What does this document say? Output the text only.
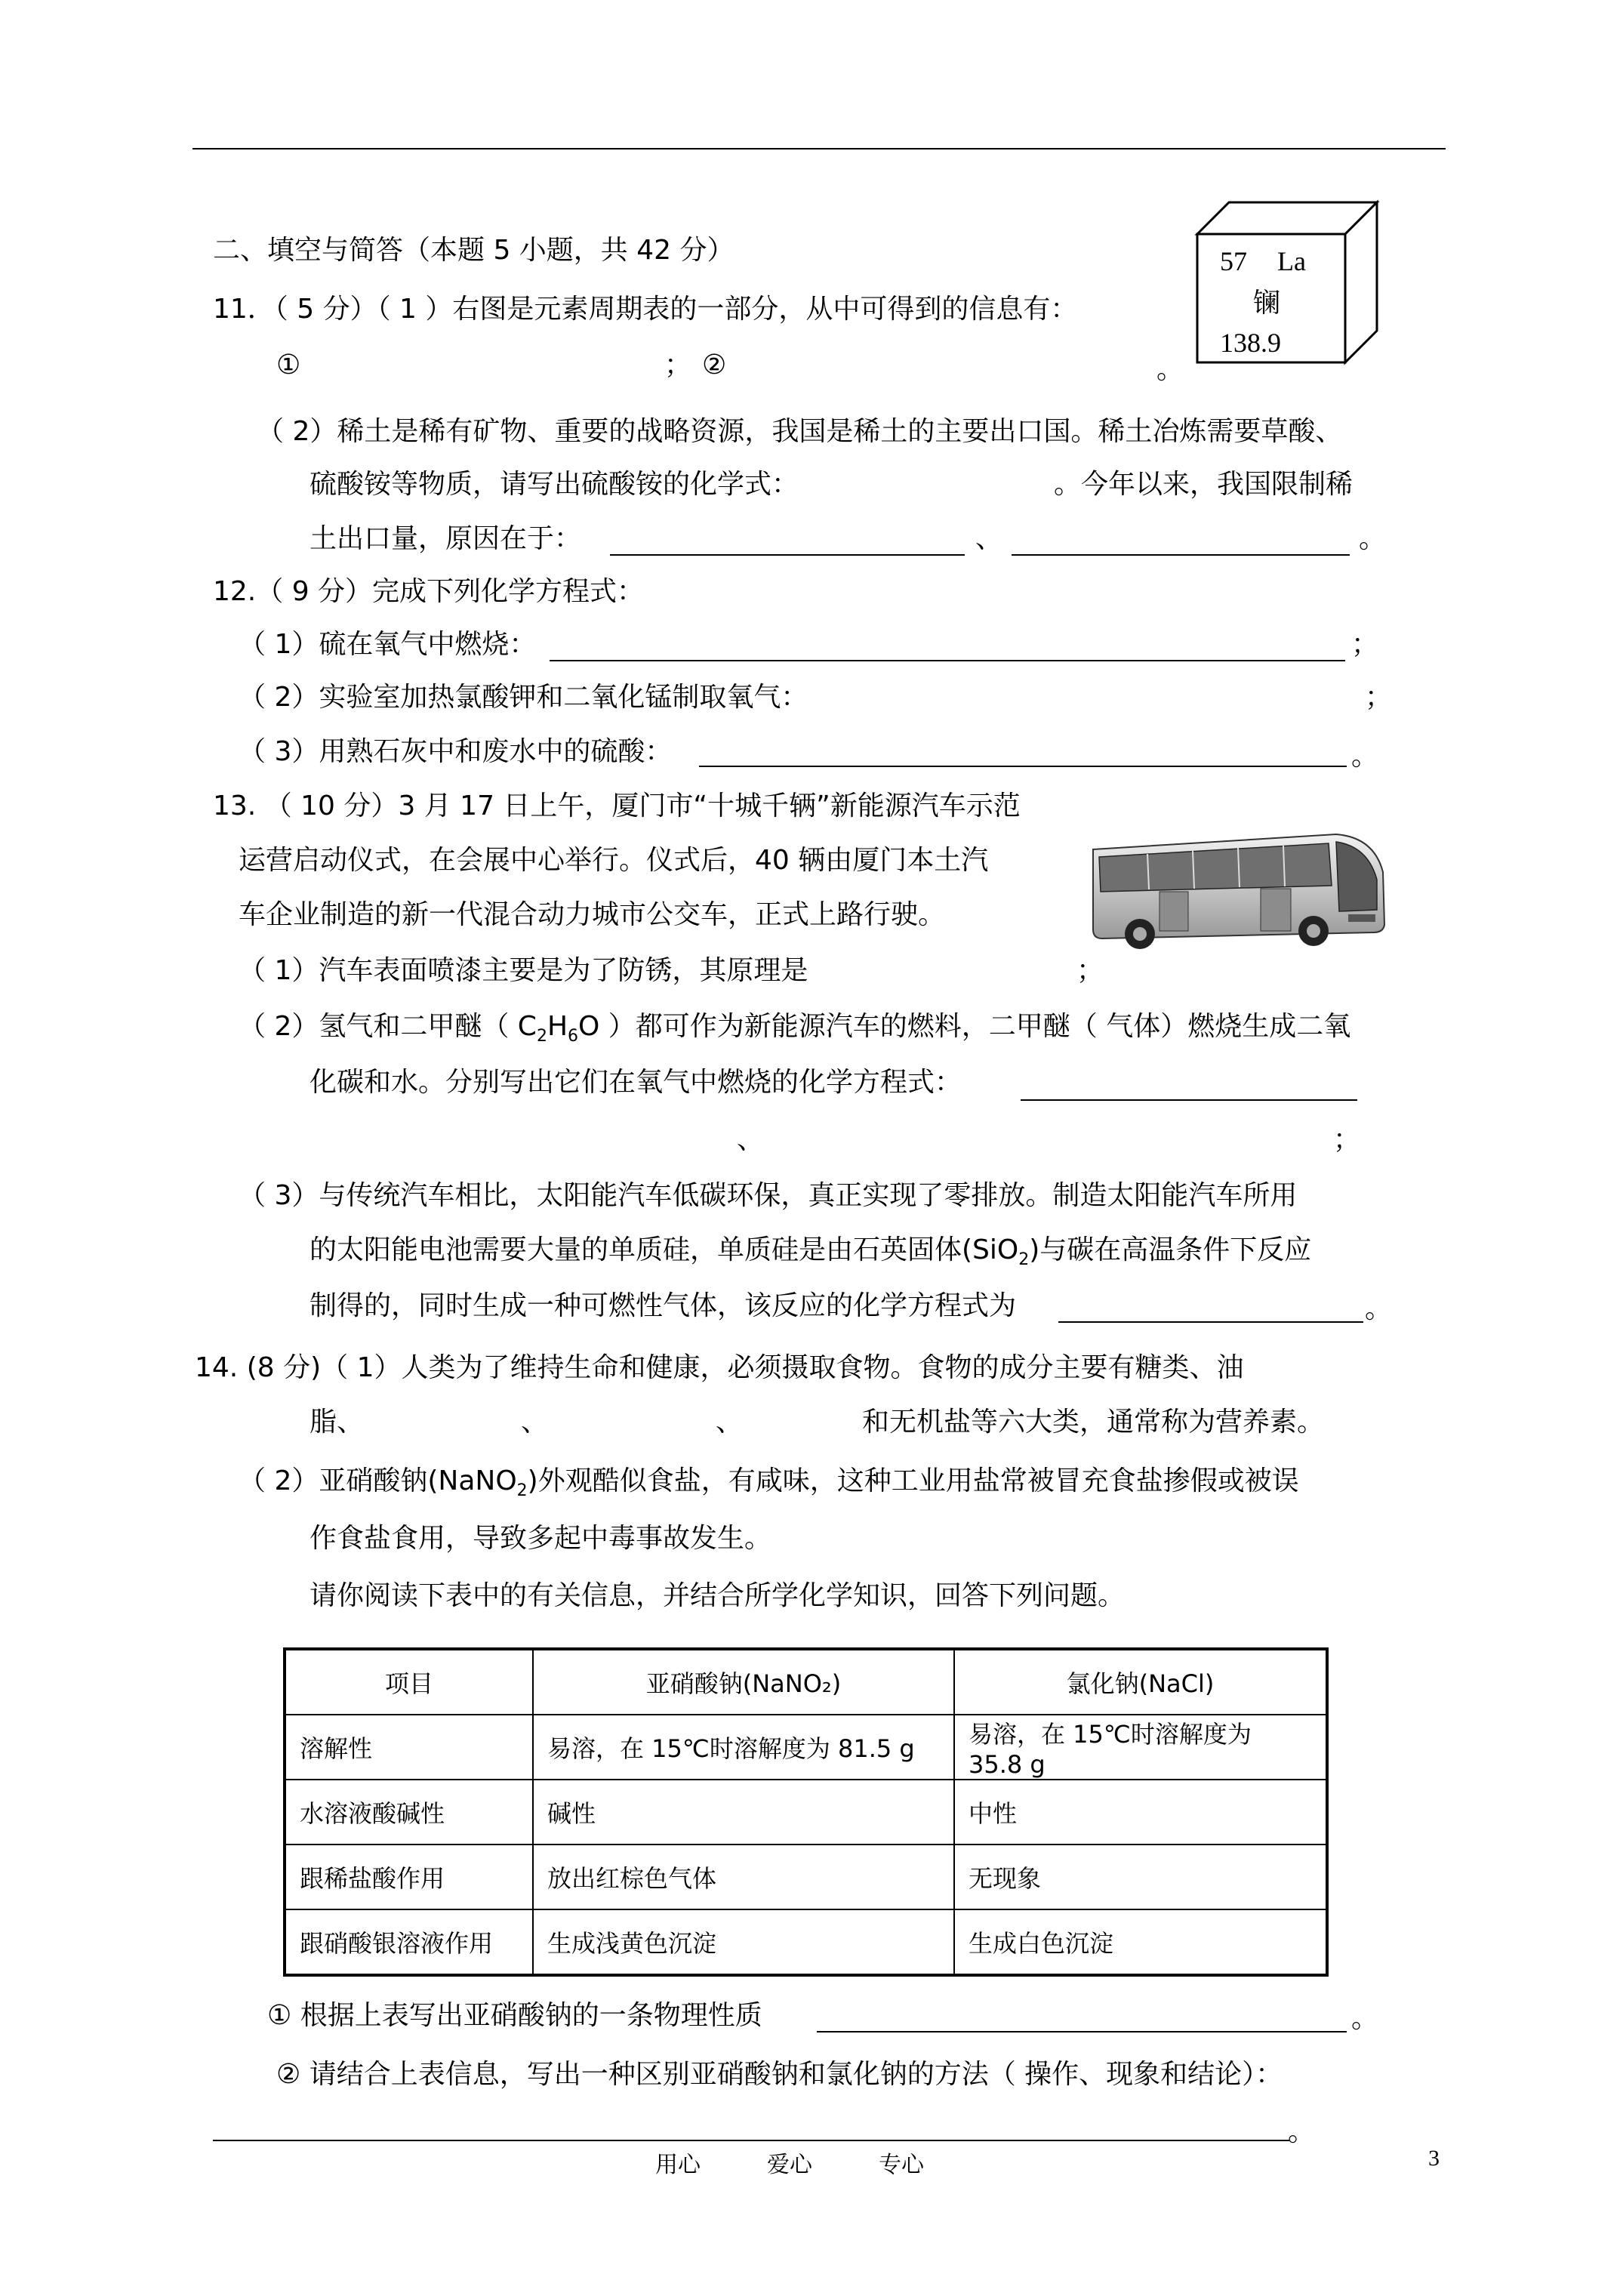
二、填空与简答（本题 5 小题，共 42 分）	57 La
镧
138.9
11．（ 5 分）（ 1 ）右图是元素周期表的一部分，从中可得到的信息有：
①	； ②	。
（ 2）稀土是稀有矿物、重要的战略资源，我国是稀土的主要出口国。稀土冶炼需要草酸、
硫酸铵等物质，请写出硫酸铵的化学式：	。今年以来，我国限制稀
土出口量，原因在于：	、	。
12.（ 9 分）完成下列化学方程式：
（ 1）硫在氧气中燃烧：	；
（ 2）实验室加热氯酸钾和二氧化锰制取氧气：	；
（ 3）用熟石灰中和废水中的硫酸：	。
13. （ 10 分）3 月 17 日上午，厦门市“十城千辆”新能源汽车示范
运营启动仪式，在会展中心举行。仪式后，40 辆由厦门本土汽
车企业制造的新一代混合动力城市公交车，正式上路行驶。
（ 1）汽车表面喷漆主要是为了防锈，其原理是	；
（ 2）氢气和二甲醚（ $C_2H_6O$ ）都可作为新能源汽车的燃料，二甲醚（ 气体）燃烧生成二氧
化碳和水。分别写出它们在氧气中燃烧的化学方程式：
、	；
（ 3）与传统汽车相比，太阳能汽车低碳环保，真正实现了零排放。制造太阳能汽车所用
的太阳能电池需要大量的单质硅，单质硅是由石英固体(SiO$_2$)与碳在高温条件下反应
制得的，同时生成一种可燃性气体，该反应的化学方程式为	。
14. (8 分)（ 1）人类为了维持生命和健康，必须摄取食物。食物的成分主要有糖类、油
脂、	、	、	和无机盐等六大类，通常称为营养素。
（ 2）亚硝酸钠(NaNO$_2$)外观酷似食盐，有咸味，这种工业用盐常被冒充食盐掺假或被误
作食盐食用，导致多起中毒事故发生。
请你阅读下表中的有关信息，并结合所学化学知识，回答下列问题。
项目	亚硝酸钠(NaNO₂)	氯化钠(NaCl)
溶解性	易溶，在 15℃时溶解度为 81.5 g	易溶，在 15℃时溶解度为 35.8 g
水溶液酸碱性	碱性	中性
跟稀盐酸作用	放出红棕色气体	无现象
跟硝酸银溶液作用	生成浅黄色沉淀	生成白色沉淀
① 根据上表写出亚硝酸钠的一条物理性质	。
② 请结合上表信息，写出一种区别亚硝酸钠和氯化钠的方法（ 操作、现象和结论）：
。
用心	爱心	专心	3
